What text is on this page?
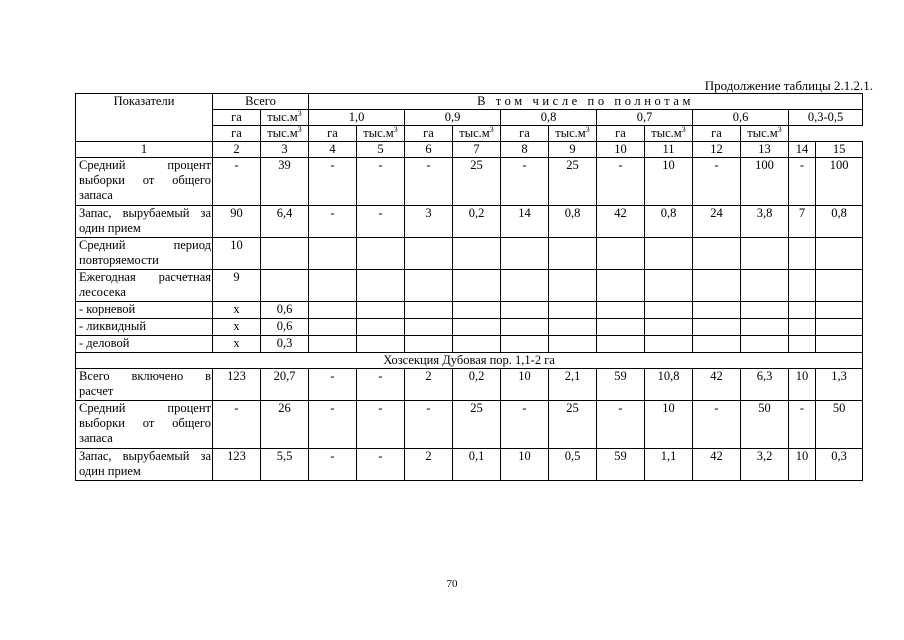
Продолжение таблицы 2.1.2.1.
Показатели	Всего		В том числе по полнотам											
	га	$тыс.м^3$	1,0		0,9		0,8		0,7		0,6		0,3-0,5	
	га	$тыс.м^3$	га	$тыс.м^3$	га	$тыс.м^3$	га	$тыс.м^3$	га	$тыс.м^3$	га	$тыс.м^3$
1	2	3	4	5	6	7	8	9	10	11	12	13	14	15
Средний процент выборки от общего запаса	-	39	-	-	-	25	-	25	-	10	-	100	-	100
Запас, вырубаемый за один прием	90	6,4	-	-	3	0,2	14	0,8	42	0,8	24	3,8	7	0,8
Средний период повторяемости	10													
Ежегодная расчетная лесосека	9													
- корневой	х	0,6												
- ликвидный	х	0,6												
- деловой	х	0,3												
Хозсекция Дубовая пор. 1,1-2 га														
Всего включено в расчет	123	20,7	-	-	2	0,2	10	2,1	59	10,8	42	6,3	10	1,3
Средний процент выборки от общего запаса	-	26	-	-	-	25	-	25	-	10	-	50	-	50
Запас, вырубаемый за один прием	123	5,5	-	-	2	0,1	10	0,5	59	1,1	42	3,2	10	0,3
70
